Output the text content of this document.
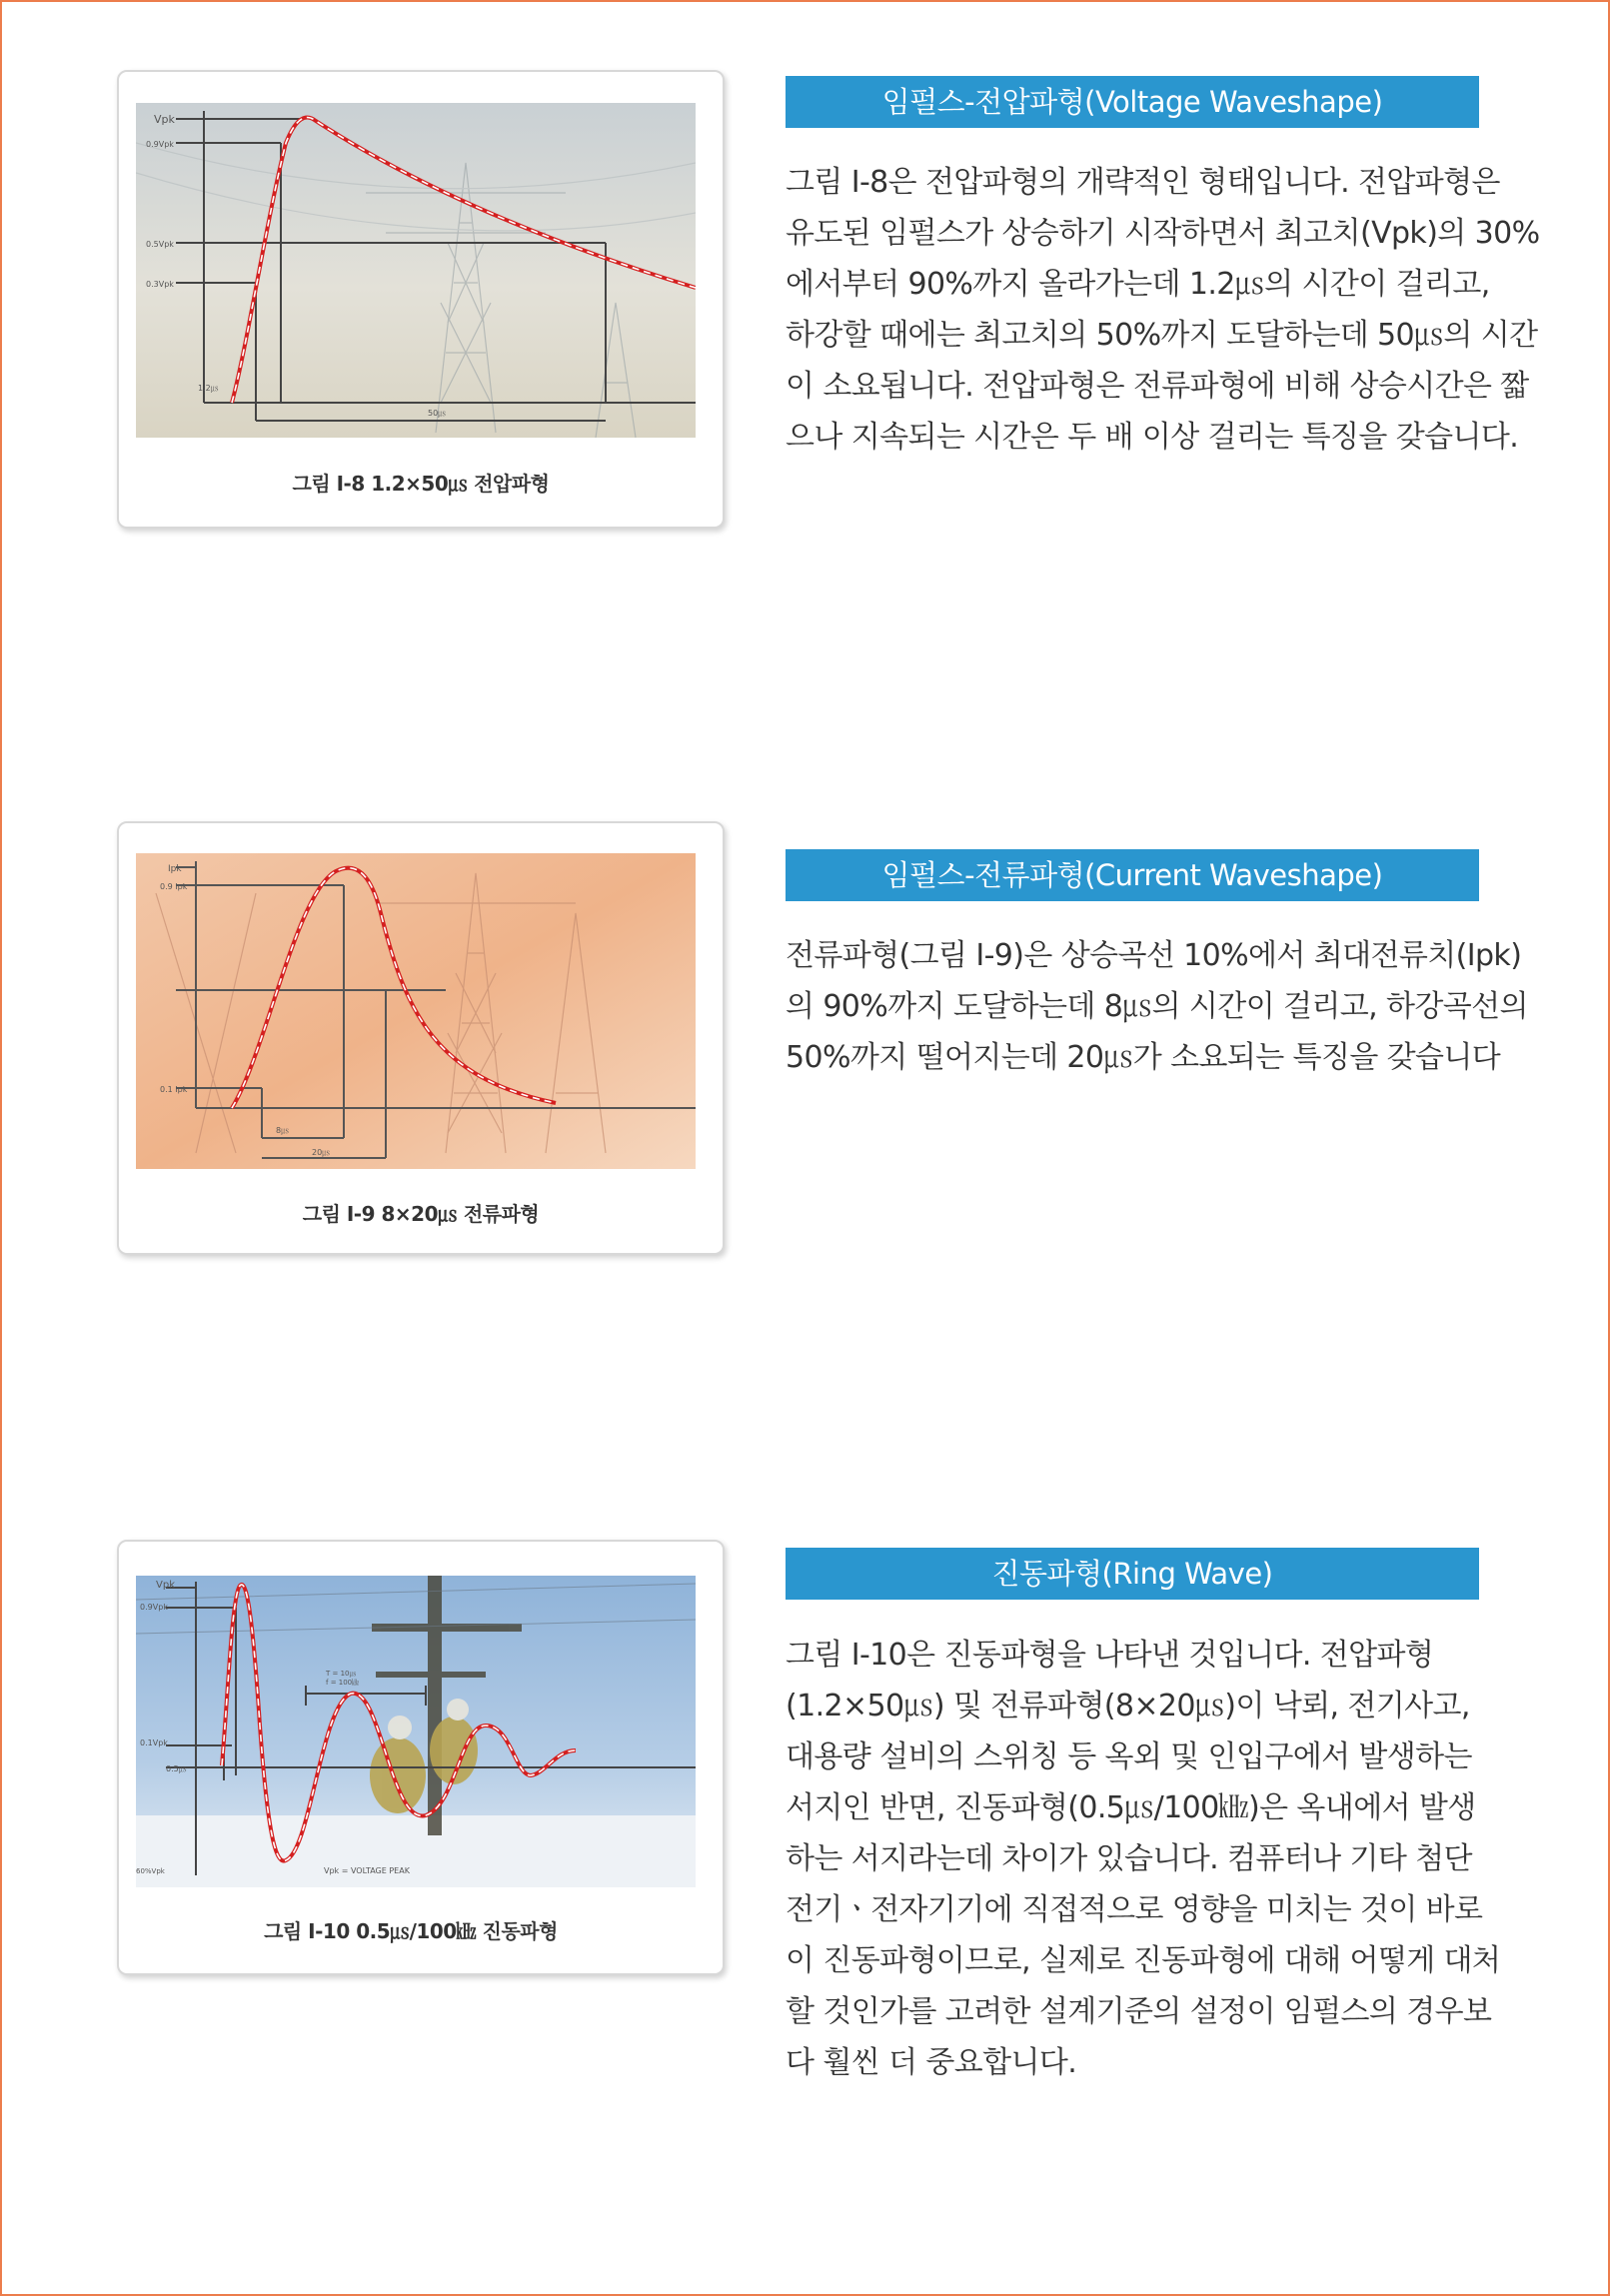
Vpk
0.9Vpk
0.5Vpk
0.3Vpk
1.2㎲
50㎲
그림 Ⅰ-8 1.2×50㎲ 전압파형
임펄스-전압파형(Voltage Waveshape)
그림 Ⅰ-8은 전압파형의 개략적인 형태입니다. 전압파형은
유도된 임펄스가 상승하기 시작하면서 최고치(Vpk)의 30%
에서부터 90%까지 올라가는데 1.2㎲의 시간이 걸리고,
하강할 때에는 최고치의 50%까지 도달하는데 50㎲의 시간
이 소요됩니다. 전압파형은 전류파형에 비해 상승시간은 짧
으나 지속되는 시간은 두 배 이상 걸리는 특징을 갖습니다.
Ipk
0.9 Ipk
0.1 Ipk
8㎲
20㎲
그림 Ⅰ-9 8×20㎲ 전류파형
임펄스-전류파형(Current Waveshape)
전류파형(그림 Ⅰ-9)은 상승곡선 10%에서 최대전류치(Ipk)
의 90%까지 도달하는데 8㎲의 시간이 걸리고, 하강곡선의
50%까지 떨어지는데 20㎲가 소요되는 특징을 갖습니다
Vpk
0.9Vpk
0.1Vpk
0.5㎲
60%Vpk
T = 10㎲
f = 100㎑
Vpk = VOLTAGE PEAK
그림 Ⅰ-10 0.5㎲/100㎑ 진동파형
진동파형(Ring Wave)
그림 Ⅰ-10은 진동파형을 나타낸 것입니다. 전압파형
(1.2×50㎲) 및 전류파형(8×20㎲)이 낙뢰, 전기사고,
대용량 설비의 스위칭 등 옥외 및 인입구에서 발생하는
서지인 반면, 진동파형(0.5㎲/100㎑)은 옥내에서 발생
하는 서지라는데 차이가 있습니다. 컴퓨터나 기타 첨단
전기ㆍ전자기기에 직접적으로 영향을 미치는 것이 바로
이 진동파형이므로, 실제로 진동파형에 대해 어떻게 대처
할 것인가를 고려한 설계기준의 설정이 임펄스의 경우보
다 훨씬 더 중요합니다.
